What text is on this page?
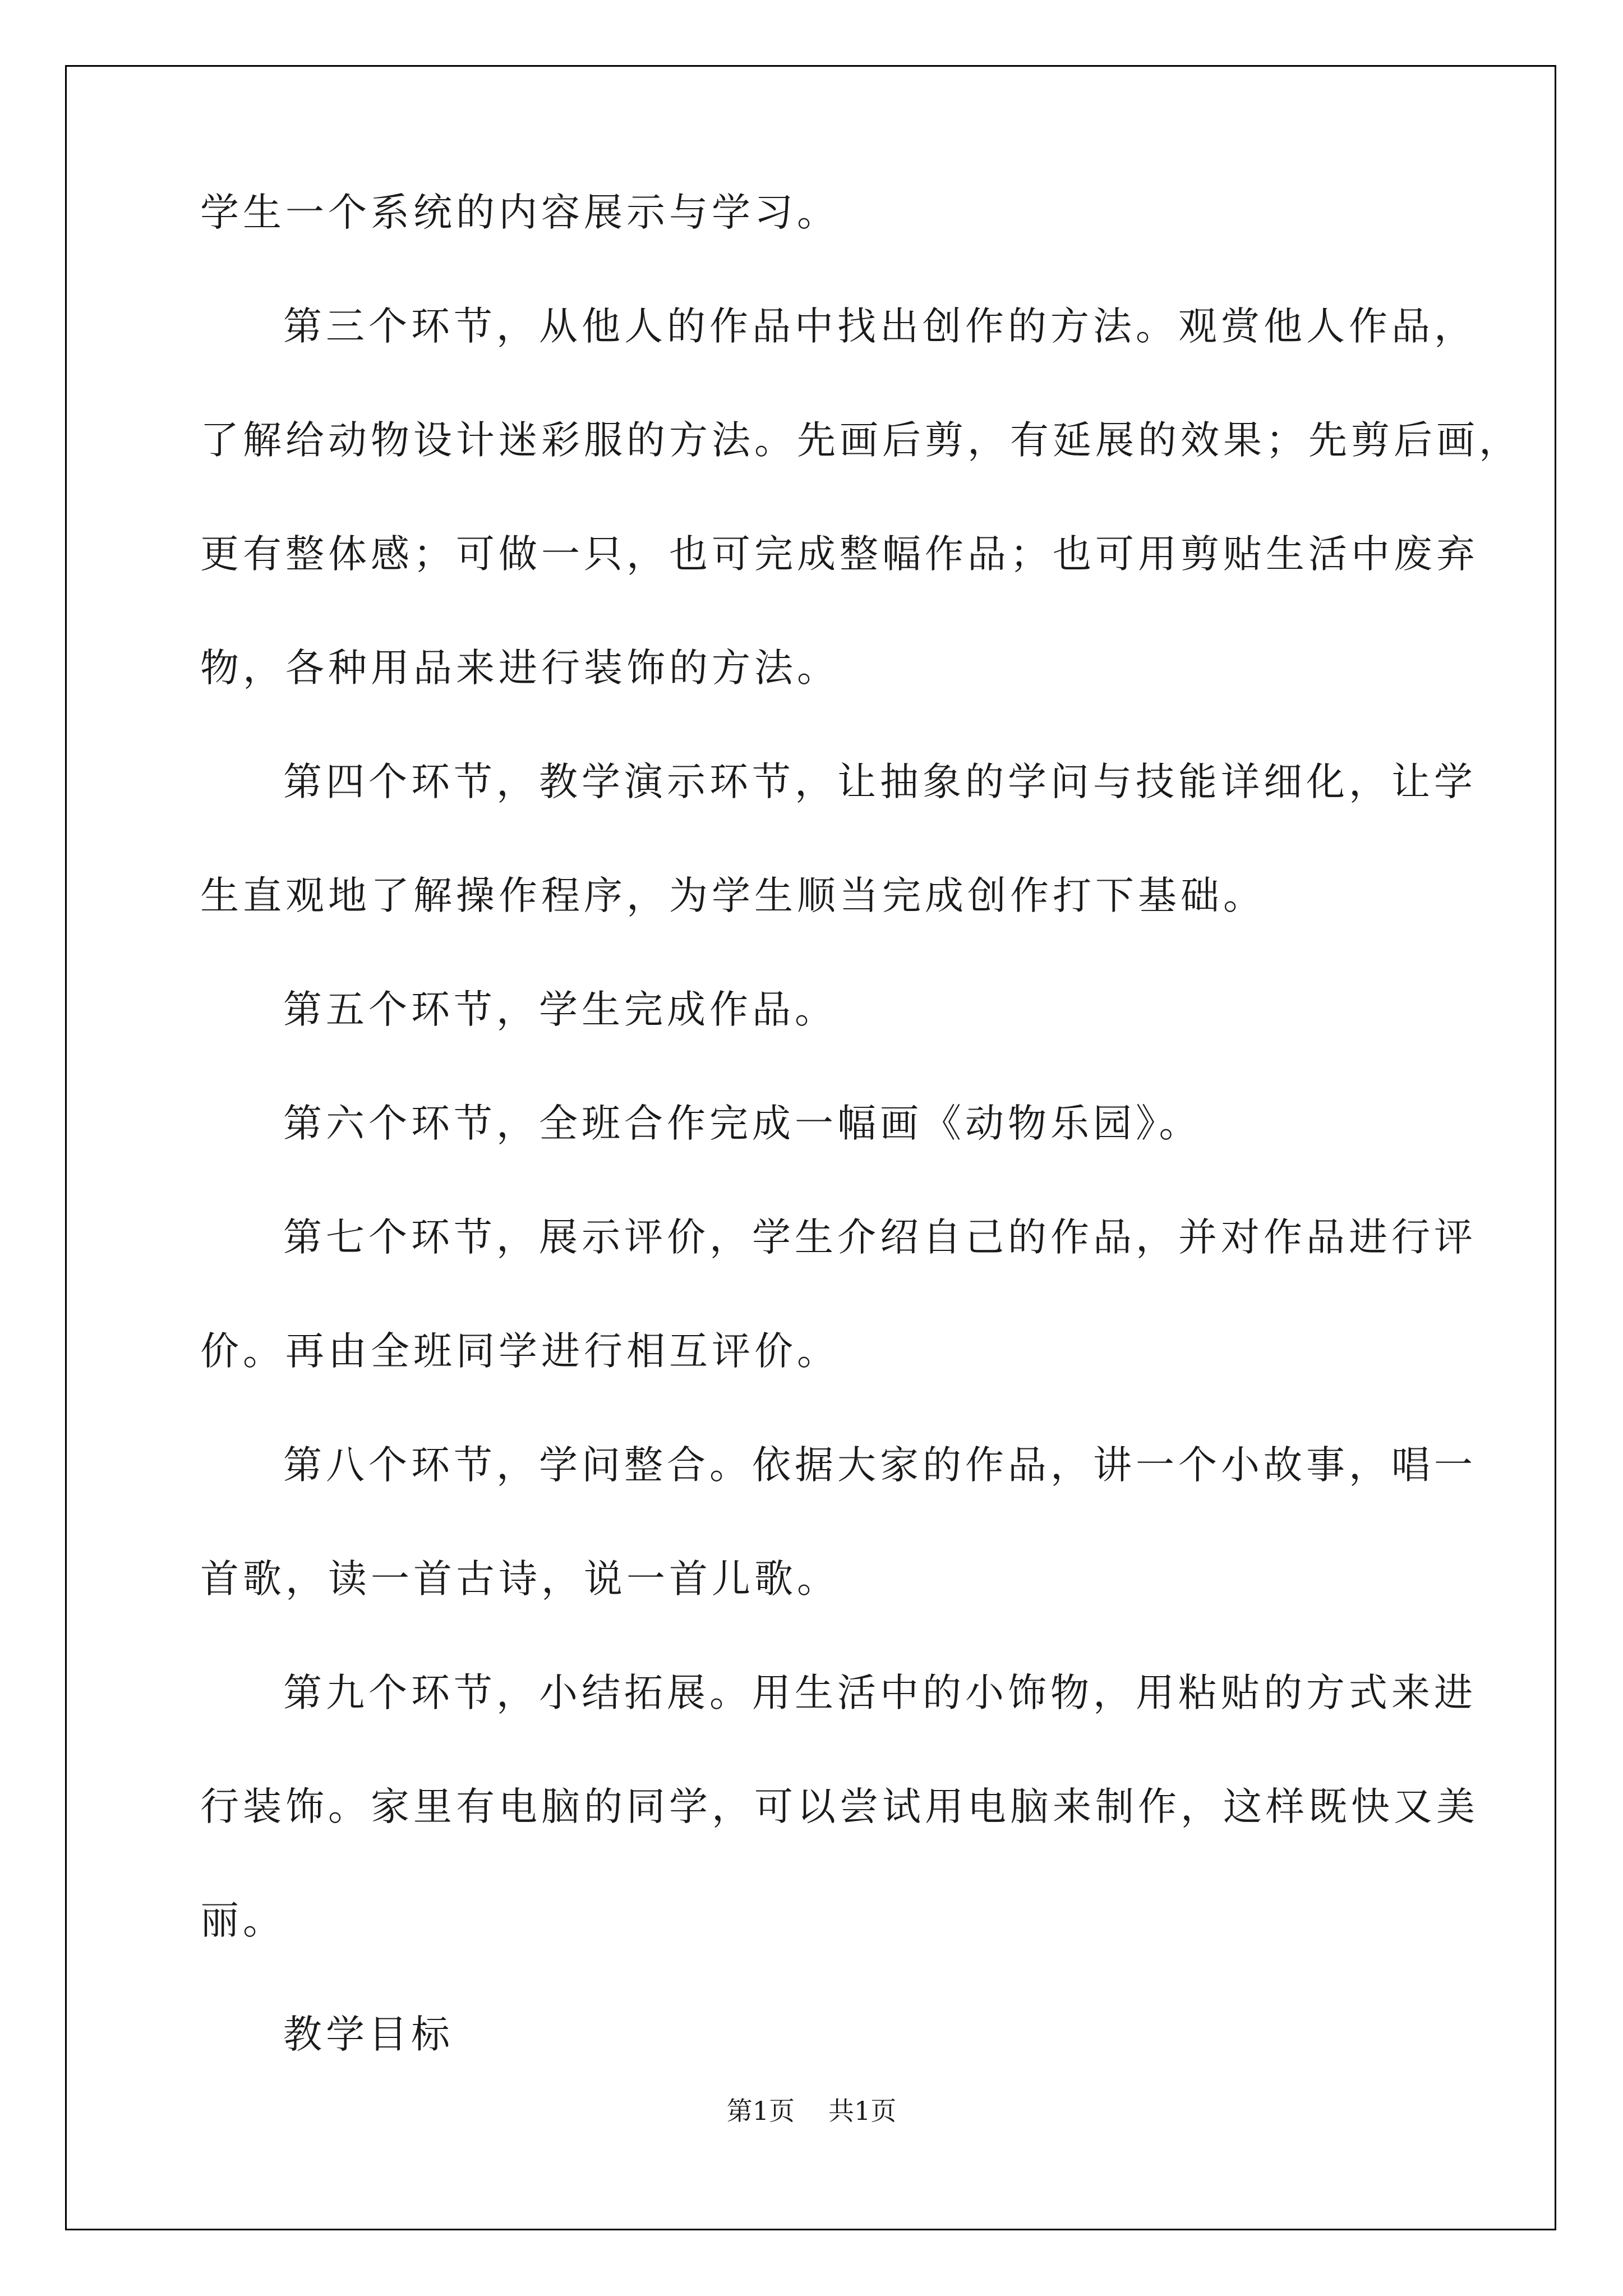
学生一个系统的内容展示与学习。
第三个环节，从他人的作品中找出创作的方法。观赏他人作品，
了解给动物设计迷彩服的方法。先画后剪，有延展的效果；先剪后画，
更有整体感；可做一只，也可完成整幅作品；也可用剪贴生活中废弃
物，各种用品来进行装饰的方法。
第四个环节，教学演示环节，让抽象的学问与技能详细化，让学
生直观地了解操作程序，为学生顺当完成创作打下基础。
第五个环节，学生完成作品。
第六个环节，全班合作完成一幅画《动物乐园》。
第七个环节，展示评价，学生介绍自己的作品，并对作品进行评
价。再由全班同学进行相互评价。
第八个环节，学问整合。依据大家的作品，讲一个小故事，唱一
首歌，读一首古诗，说一首儿歌。
第九个环节，小结拓展。用生活中的小饰物，用粘贴的方式来进
行装饰。家里有电脑的同学，可以尝试用电脑来制作，这样既快又美
丽。
教学目标
第1页 共1页
